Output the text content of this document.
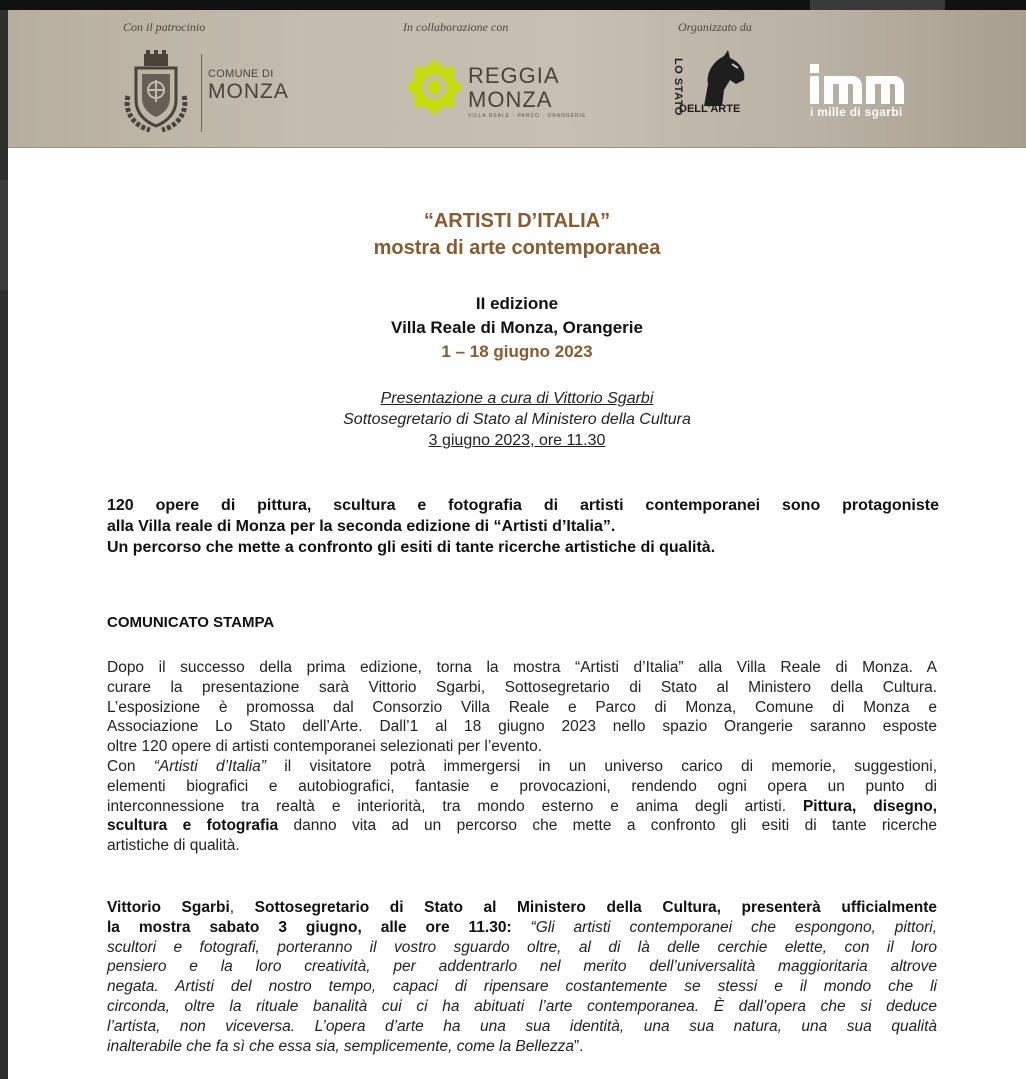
Con il patrocinio	In collaborazione con	Organizzato da
COMUNE DI
MONZA
REGGIA
MONZA
VILLA REALE · PARCO · ORANGERIE
LO STATO
DELL'ARTE	i mille di sgarbi
“ARTISTI D’ITALIA”
mostra di arte contemporanea
II edizione
Villa Reale di Monza, Orangerie
1 – 18 giugno 2023
Presentazione a cura di Vittorio Sgarbi
Sottosegretario di Stato al Ministero della Cultura
3 giugno 2023, ore 11.30
120 opere di pittura, scultura e fotografia di artisti contemporanei sono protagoniste
alla Villa reale di Monza per la seconda edizione di “Artisti d’Italia”.
Un percorso che mette a confronto gli esiti di tante ricerche artistiche di qualità.
COMUNICATO STAMPA
Dopo il successo della prima edizione, torna la mostra “Artisti d’Italia” alla Villa Reale di Monza. A
curare la presentazione sarà Vittorio Sgarbi, Sottosegretario di Stato al Ministero della Cultura.
L’esposizione è promossa dal Consorzio Villa Reale e Parco di Monza, Comune di Monza e
Associazione Lo Stato dell’Arte. Dall’1 al 18 giugno 2023 nello spazio Orangerie saranno esposte
oltre 120 opere di artisti contemporanei selezionati per l’evento.
Con “Artisti d’Italia” il visitatore potrà immergersi in un universo carico di memorie, suggestioni,
elementi biografici e autobiografici, fantasie e provocazioni, rendendo ogni opera un punto di
interconnessione tra realtà e interiorità, tra mondo esterno e anima degli artisti. Pittura, disegno,
scultura e fotografia danno vita ad un percorso che mette a confronto gli esiti di tante ricerche
artistiche di qualità.
Vittorio Sgarbi, Sottosegretario di Stato al Ministero della Cultura, presenterà ufficialmente
la mostra sabato 3 giugno, alle ore 11.30: “Gli artisti contemporanei che espongono, pittori,
scultori e fotografi, porteranno il vostro sguardo oltre, al di là delle cerchie elette, con il loro
pensiero e la loro creatività, per addentrarlo nel merito dell’universalità maggioritaria altrove
negata. Artisti del nostro tempo, capaci di ripensare costantemente se stessi e il mondo che li
circonda, oltre la rituale banalità cui ci ha abituati l’arte contemporanea. È dall’opera che si deduce
l’artista, non viceversa. L’opera d’arte ha una sua identità, una sua natura, una sua qualità
inalterabile che fa sì che essa sia, semplicemente, come la Bellezza”.
